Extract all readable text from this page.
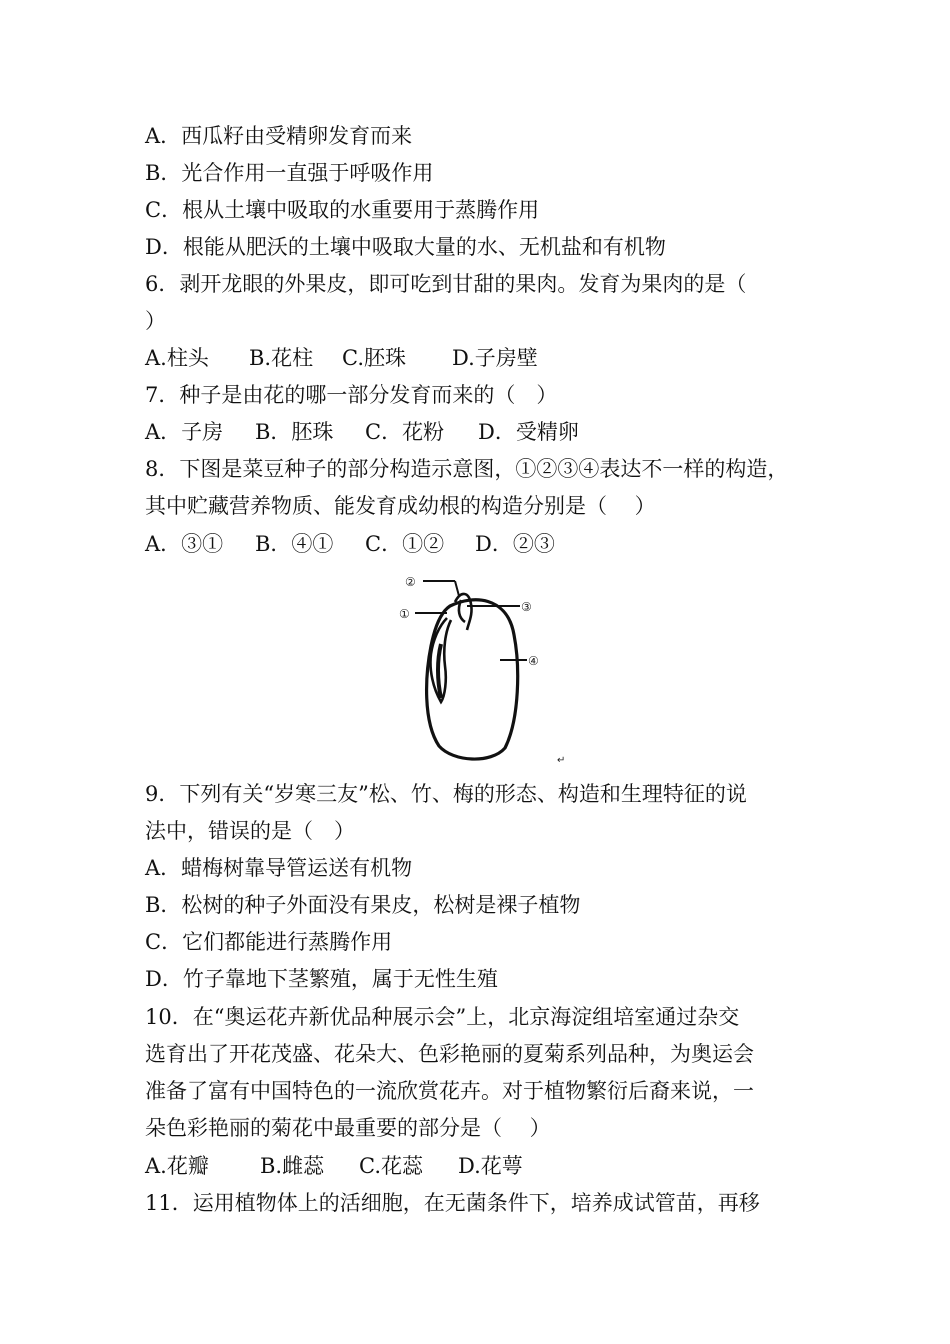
A．西瓜籽由受精卵发育而来
B．光合作用一直强于呼吸作用
C．根从土壤中吸取的水重要用于蒸腾作用
D．根能从肥沃的土壤中吸取大量的水、无机盐和有机物
6．剥开龙眼的外果皮，即可吃到甘甜的果肉。发育为果肉的是（
）
A.柱头 B.花柱 C.胚珠 D.子房壁
7．种子是由花的哪一部分发育而来的（　）
A．子房 B．胚珠 C．花粉 D．受精卵
8．下图是菜豆种子的部分构造示意图，①②③④表达不一样的构造，
其中贮藏营养物质、能发育成幼根的构造分别是（　 ）
A．③① B．④① C．①② D．②③
②
①	③
④
↵
9．下列有关“岁寒三友”松、竹、梅的形态、构造和生理特征的说
法中，错误的是（　）
A．蜡梅树靠导管运送有机物
B．松树的种子外面没有果皮，松树是裸子植物
C．它们都能进行蒸腾作用
D．竹子靠地下茎繁殖，属于无性生殖
10．在“奥运花卉新优品种展示会”上，北京海淀组培室通过杂交
选育出了开花茂盛、花朵大、色彩艳丽的夏菊系列品种，为奥运会
准备了富有中国特色的一流欣赏花卉。对于植物繁衍后裔来说，一
朵色彩艳丽的菊花中最重要的部分是（　 ）
A.花瓣 B.雌蕊 C.花蕊 D.花萼
11．运用植物体上的活细胞，在无菌条件下，培养成试管苗，再移
